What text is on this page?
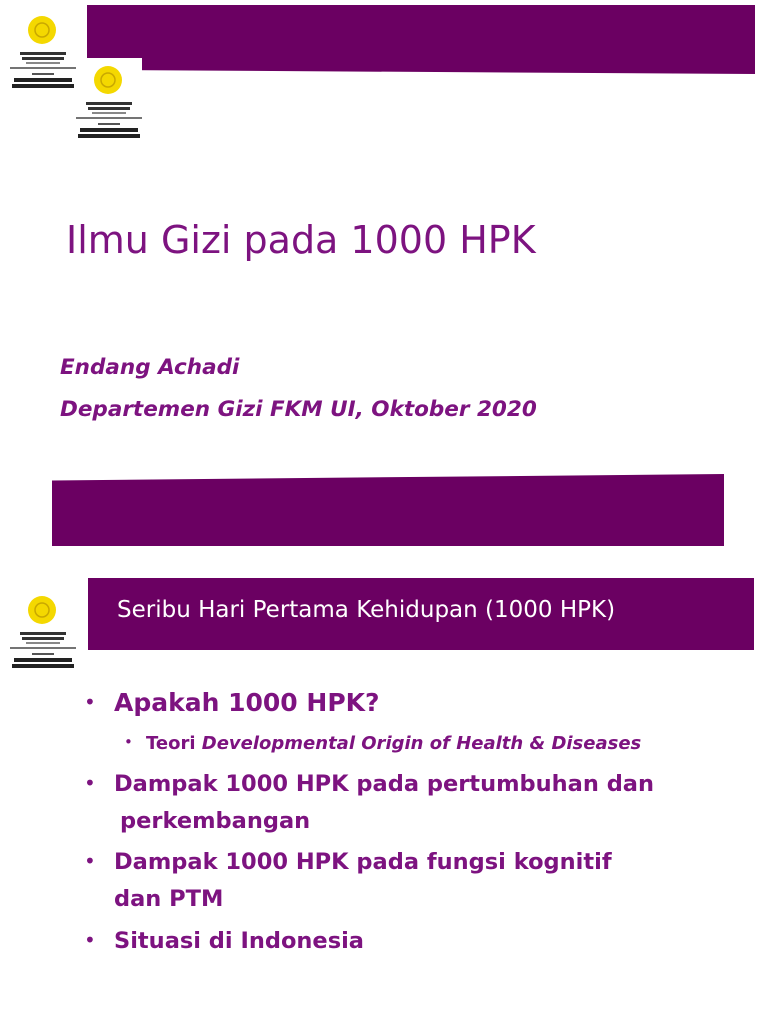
Ilmu Gizi pada 1000 HPK
Endang Achadi
Departemen Gizi FKM UI, Oktober 2020
Seribu Hari Pertama Kehidupan (1000 HPK)
• Apakah 1000 HPK?
• Teori Developmental Origin of Health & Diseases
• Dampak 1000 HPK pada pertumbuhan dan
perkembangan
• Dampak 1000 HPK pada fungsi kognitif
dan PTM
• Situasi di Indonesia
